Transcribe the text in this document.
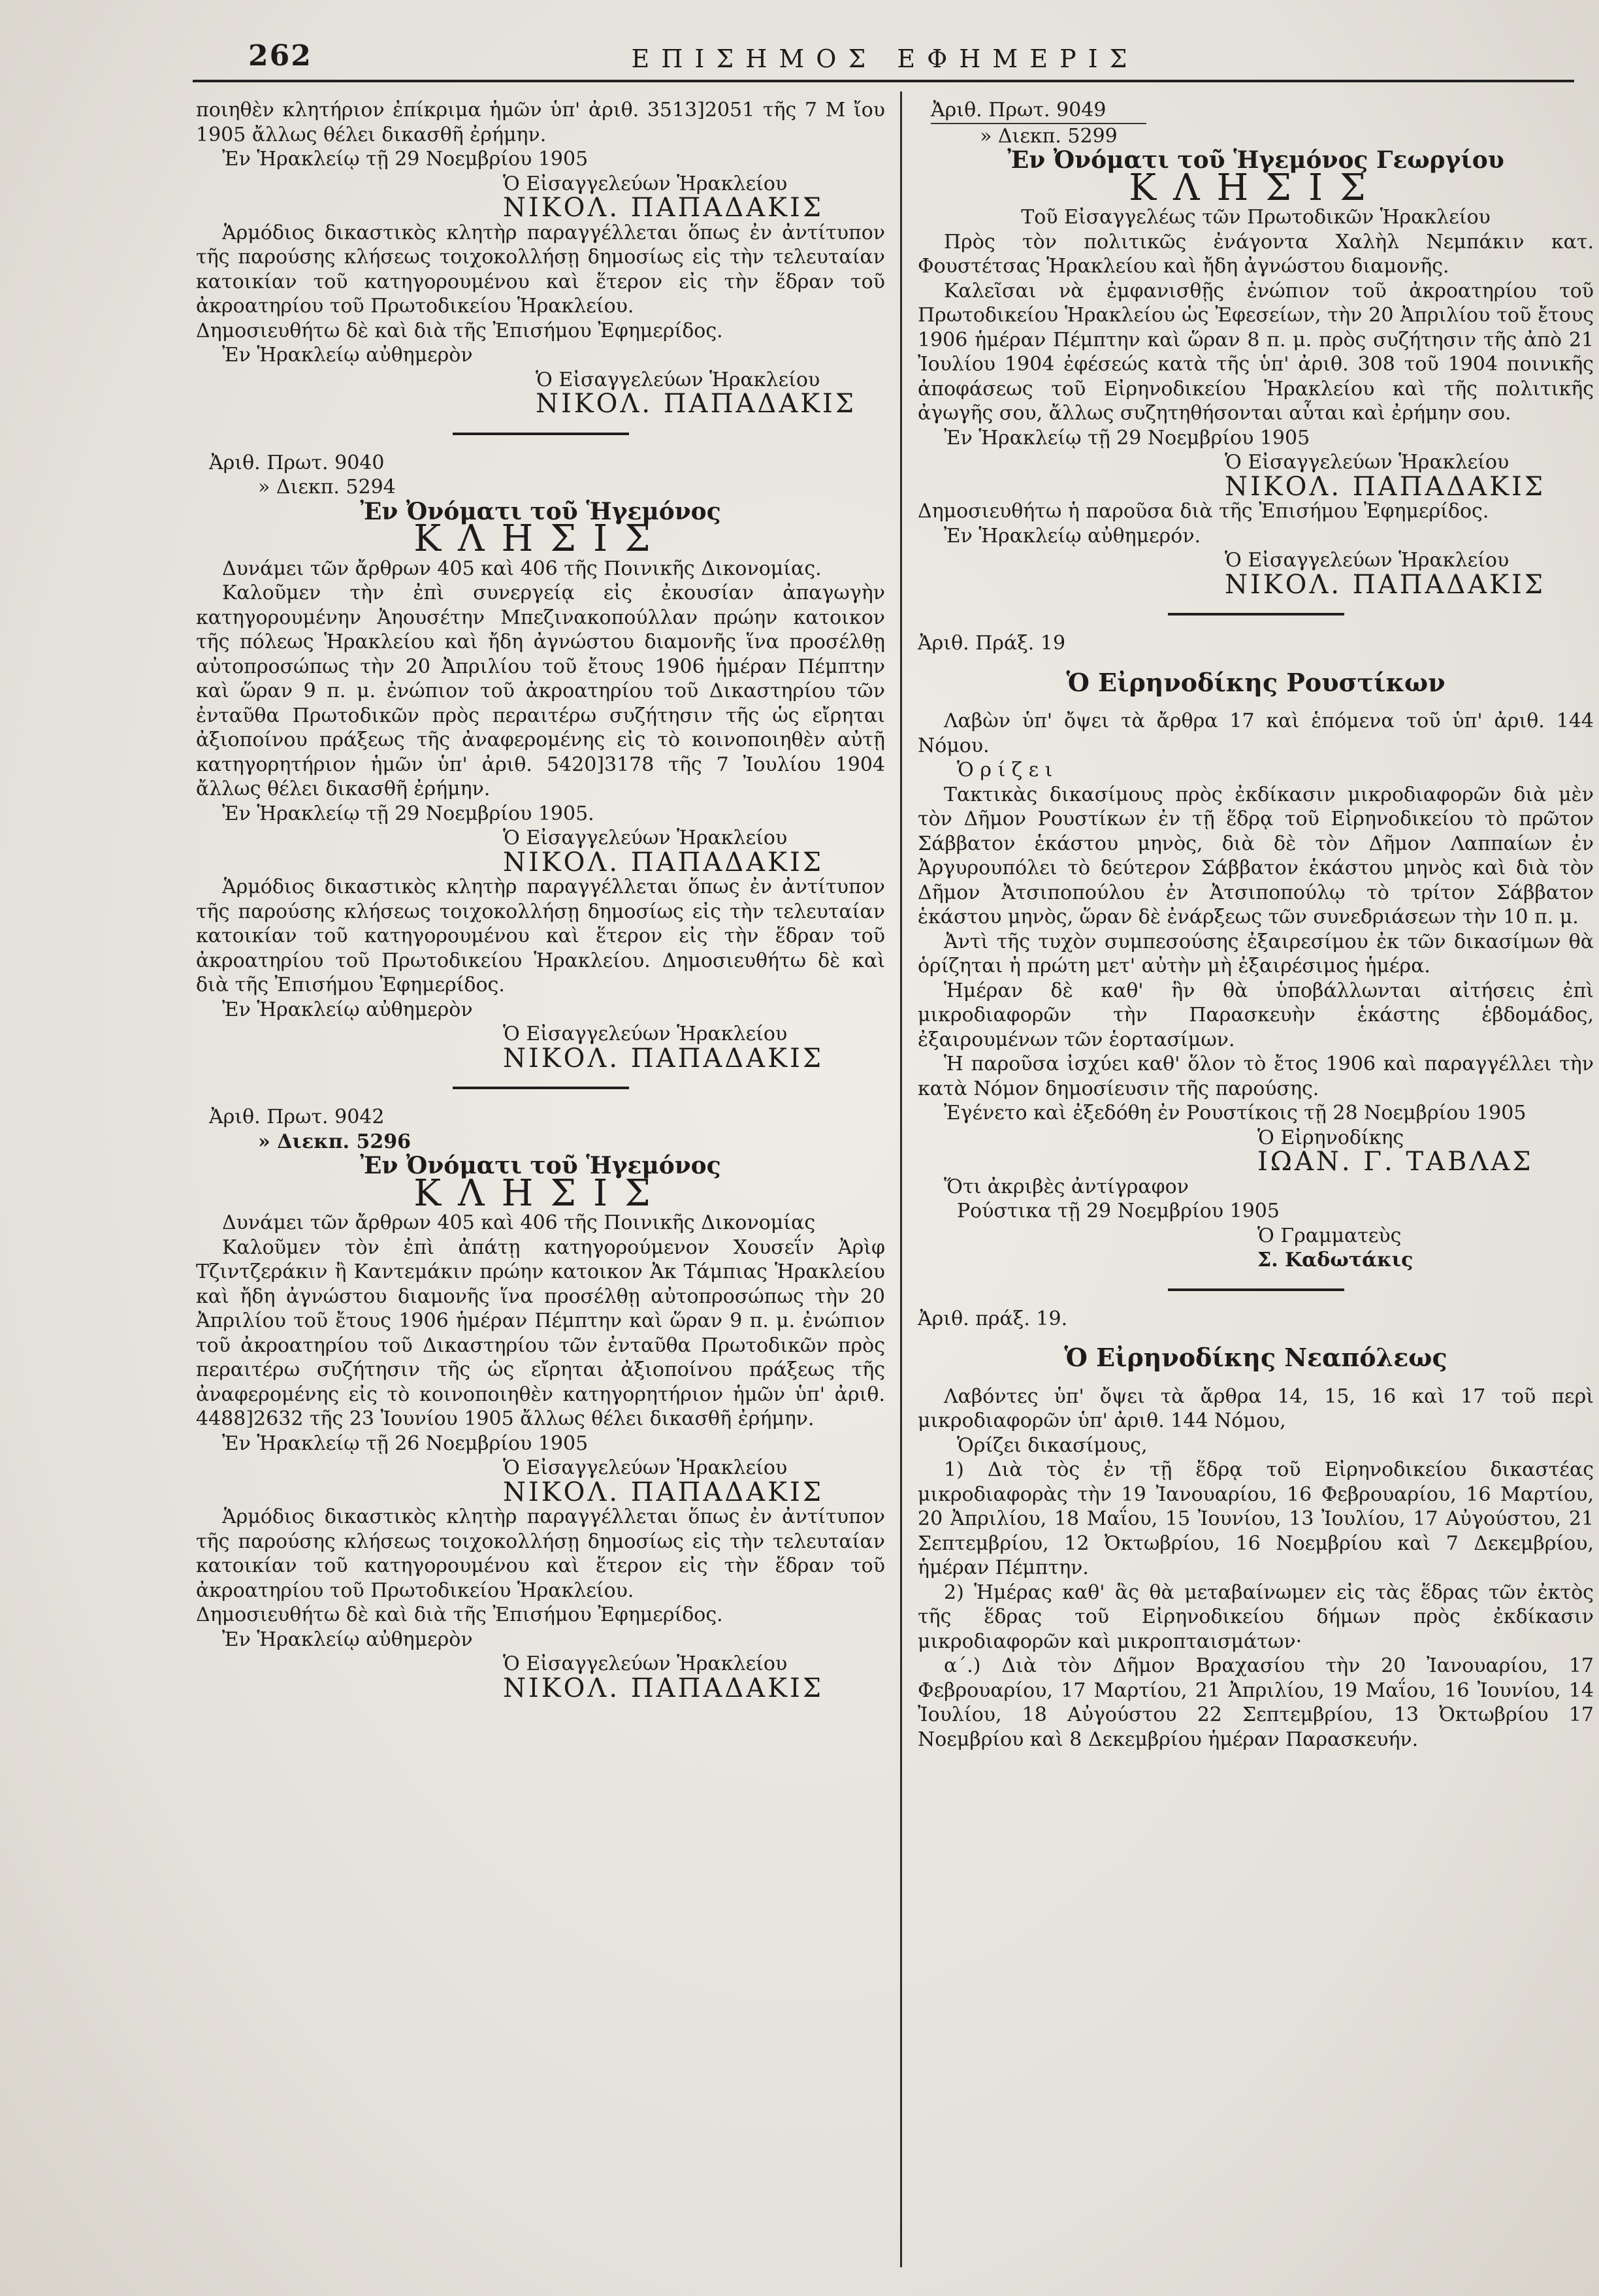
262	ΕΠΙΣΗΜΟΣ ΕΦΗΜΕΡΙΣ

ποιηθὲν κλητήριον ἐπίκριμα ἡμῶν ὑπ' ἀριθ. 3513]2051 τῆς 7 Μ ἴου 1905 ἄλλως θέλει δικασθῆ ἐρήμην.

Ἐν Ἡρακλείῳ τῇ 29 Νοεμβρίου 1905

Ὁ Εἰσαγγελεύων Ἡρακλείου

ΝΙΚΟΛ. ΠΑΠΑΔΑΚΙΣ

Ἁρμόδιος δικαστικὸς κλητὴρ παραγγέλλεται ὅπως ἐν ἀντίτυπον τῆς παρούσης κλήσεως τοιχοκολλήσῃ δημοσίως εἰς τὴν τελευταίαν κατοικίαν τοῦ κατηγορουμένου καὶ ἕτερον εἰς τὴν ἕδραν τοῦ ἀκροατηρίου τοῦ Πρωτοδικείου Ἡρακλείου.

Δημοσιευθήτω δὲ καὶ διὰ τῆς Ἐπισήμου Ἐφημερίδος.

Ἐν Ἡρακλείῳ αὐθημερὸν

Ὁ Εἰσαγγελεύων Ἡρακλείου

ΝΙΚΟΛ. ΠΑΠΑΔΑΚΙΣ

Ἀριθ. Πρωτ. 9040

» Διεκπ. 5294

Ἐν Ὀνόματι τοῦ Ἡγεμόνος

ΚΛΗΣΙΣ

Δυνάμει τῶν ἄρθρων 405 καὶ 406 τῆς Ποινικῆς Δικονομίας.

Καλοῦμεν τὴν ἐπὶ συνεργείᾳ εἰς ἐκουσίαν ἀπαγωγὴν κατηγορουμένην Ἀηουσέτην Μπεζινακοπούλλαν πρώην κατοικον τῆς πόλεως Ἡρακλείου καὶ ἤδη ἀγνώστου διαμονῆς ἵνα προσέλθῃ αὐτοπροσώπως τὴν 20 Ἀπριλίου τοῦ ἔτους 1906 ἡμέραν Πέμπτην καὶ ὥραν 9 π. μ. ἐνώπιον τοῦ ἀκροατηρίου τοῦ Δικαστηρίου τῶν ἐνταῦθα Πρωτοδικῶν πρὸς περαιτέρω συζήτησιν τῆς ὡς εἴρηται ἀξιοποίνου πράξεως τῆς ἀναφερομένης εἰς τὸ κοινοποιηθὲν αὐτῇ κατηγορητήριον ἡμῶν ὑπ' ἀριθ. 5420]3178 τῆς 7 Ἰουλίου 1904 ἄλλως θέλει δικασθῆ ἐρήμην.

Ἐν Ἡρακλείῳ τῇ 29 Νοεμβρίου 1905.

Ὁ Εἰσαγγελεύων Ἡρακλείου

ΝΙΚΟΛ. ΠΑΠΑΔΑΚΙΣ

Ἁρμόδιος δικαστικὸς κλητὴρ παραγγέλλεται ὅπως ἐν ἀντίτυπον τῆς παρούσης κλήσεως τοιχοκολλήσῃ δημοσίως εἰς τὴν τελευταίαν κατοικίαν τοῦ κατηγορουμένου καὶ ἕτερον εἰς τὴν ἕδραν τοῦ ἀκροατηρίου τοῦ Πρωτοδικείου Ἡρακλείου. Δημοσιευθήτω δὲ καὶ διὰ τῆς Ἐπισήμου Ἐφημερίδος.

Ἐν Ἡρακλείῳ αὐθημερὸν

Ὁ Εἰσαγγελεύων Ἡρακλείου

ΝΙΚΟΛ. ΠΑΠΑΔΑΚΙΣ

Ἀριθ. Πρωτ. 9042

» Διεκπ. 5296

Ἐν Ὀνόματι τοῦ Ἡγεμόνος

ΚΛΗΣΙΣ

Δυνάμει τῶν ἄρθρων 405 καὶ 406 τῆς Ποινικῆς Δικονομίας

Καλοῦμεν τὸν ἐπὶ ἀπάτῃ κατηγορούμενον Χουσεΐν Ἀρὶφ Τζιντζεράκιν ἢ Καντεμάκιν πρώην κατοικον Ἀκ Τάμπιας Ἡρακλείου καὶ ἤδη ἀγνώστου διαμονῆς ἵνα προσέλθῃ αὐτοπροσώπως τὴν 20 Ἀπριλίου τοῦ ἔτους 1906 ἡμέραν Πέμπτην καὶ ὥραν 9 π. μ. ἐνώπιον τοῦ ἀκροατηρίου τοῦ Δικαστηρίου τῶν ἐνταῦθα Πρωτοδικῶν πρὸς περαιτέρω συζήτησιν τῆς ὡς εἴρηται ἀξιοποίνου πράξεως τῆς ἀναφερομένης εἰς τὸ κοινοποιηθὲν κατηγορητήριον ἡμῶν ὑπ' ἀριθ. 4488]2632 τῆς 23 Ἰουνίου 1905 ἄλλως θέλει δικασθῆ ἐρήμην.

Ἐν Ἡρακλείῳ τῇ 26 Νοεμβρίου 1905

Ὁ Εἰσαγγελεύων Ἡρακλείου

ΝΙΚΟΛ. ΠΑΠΑΔΑΚΙΣ

Ἁρμόδιος δικαστικὸς κλητὴρ παραγγέλλεται ὅπως ἐν ἀντίτυπον τῆς παρούσης κλήσεως τοιχοκολλήσῃ δημοσίως εἰς τὴν τελευταίαν κατοικίαν τοῦ κατηγορουμένου καὶ ἕτερον εἰς τὴν ἕδραν τοῦ ἀκροατηρίου τοῦ Πρωτοδικείου Ἡρακλείου.

Δημοσιευθήτω δὲ καὶ διὰ τῆς Ἐπισήμου Ἐφημερίδος.

Ἐν Ἡρακλείῳ αὐθημερὸν

Ὁ Εἰσαγγελεύων Ἡρακλείου

ΝΙΚΟΛ. ΠΑΠΑΔΑΚΙΣ

Ἀριθ. Πρωτ. 9049

» Διεκπ. 5299

Ἐν Ὀνόματι τοῦ Ἡγεμόνος Γεωργίου

ΚΛΗΣΙΣ

Τοῦ Εἰσαγγελέως τῶν Πρωτοδικῶν Ἡρακλείου

Πρὸς τὸν πολιτικῶς ἐνάγοντα Χαλὴλ Νεμπάκιν κατ. Φουστέτσας Ἡρακλείου καὶ ἤδη ἀγνώστου διαμονῆς.

Καλεῖσαι νὰ ἐμφανισθῇς ἐνώπιον τοῦ ἀκροατηρίου τοῦ Πρωτοδικείου Ἡρακλείου ὡς Ἐφεσείων, τὴν 20 Ἀπριλίου τοῦ ἔτους 1906 ἡμέραν Πέμπτην καὶ ὥραν 8 π. μ. πρὸς συζήτησιν τῆς ἀπὸ 21 Ἰουλίου 1904 ἐφέσεώς κατὰ τῆς ὑπ' ἀριθ. 308 τοῦ 1904 ποινικῆς ἀποφάσεως τοῦ Εἰρηνοδικείου Ἡρακλείου καὶ τῆς πολιτικῆς ἀγωγῆς σου, ἄλλως συζητηθήσονται αὗται καὶ ἐρήμην σου.

Ἐν Ἡρακλείῳ τῇ 29 Νοεμβρίου 1905

Ὁ Εἰσαγγελεύων Ἡρακλείου

ΝΙΚΟΛ. ΠΑΠΑΔΑΚΙΣ

Δημοσιευθήτω ἡ παροῦσα διὰ τῆς Ἐπισήμου Ἐφημερίδος.

Ἐν Ἡρακλείῳ αὐθημερόν.

Ὁ Εἰσαγγελεύων Ἡρακλείου

ΝΙΚΟΛ. ΠΑΠΑΔΑΚΙΣ

Ἀριθ. Πράξ. 19

Ὁ Εἰρηνοδίκης Ρουστίκων

Λαβὼν ὑπ' ὄψει τὰ ἄρθρα 17 καὶ ἑπόμενα τοῦ ὑπ' ἀριθ. 144 Νόμου.

Ὁ ρ ί ζ ε ι

Τακτικὰς δικασίμους πρὸς ἐκδίκασιν μικροδιαφορῶν διὰ μὲν τὸν Δῆμον Ρουστίκων ἐν τῇ ἕδρᾳ τοῦ Εἰρηνοδικείου τὸ πρῶτον Σάββατον ἑκάστου μηνὸς, διὰ δὲ τὸν Δῆμον Λαππαίων ἐν Ἀργυρουπόλει τὸ δεύτερον Σάββατον ἑκάστου μηνὸς καὶ διὰ τὸν Δῆμον Ἀτσιποπούλου ἐν Ἀτσιποπούλῳ τὸ τρίτον Σάββατον ἑκάστου μηνὸς, ὥραν δὲ ἐνάρξεως τῶν συνεδριάσεων τὴν 10 π. μ.

Ἀντὶ τῆς τυχὸν συμπεσούσης ἐξαιρεσίμου ἐκ τῶν δικασίμων θὰ ὁρίζηται ἡ πρώτη μετ' αὐτὴν μὴ ἐξαιρέσιμος ἡμέρα.

Ἡμέραν δὲ καθ' ἣν θὰ ὑποβάλλωνται αἰτήσεις ἐπὶ μικροδιαφορῶν τὴν Παρασκευὴν ἑκάστης ἑβδομάδος, ἐξαιρουμένων τῶν ἑορτασίμων.

Ἡ παροῦσα ἰσχύει καθ' ὅλον τὸ ἔτος 1906 καὶ παραγγέλλει τὴν κατὰ Νόμον δημοσίευσιν τῆς παρούσης.

Ἐγένετο καὶ ἐξεδόθη ἐν Ρουστίκοις τῇ 28 Νοεμβρίου 1905

Ὁ Εἰρηνοδίκης

ΙΩΑΝ. Γ. ΤΑΒΛΑΣ

Ὅτι ἀκριβὲς ἀντίγραφον

Ρούστικα τῇ 29 Νοεμβρίου 1905

Ὁ Γραμματεὺς

Σ. Καδωτάκις

Ἀριθ. πράξ. 19.

Ὁ Εἰρηνοδίκης Νεαπόλεως

Λαβόντες ὑπ' ὄψει τὰ ἄρθρα 14, 15, 16 καὶ 17 τοῦ περὶ μικροδιαφορῶν ὑπ' ἀριθ. 144 Νόμου,

Ὁρίζει δικασίμους,

1) Διὰ τὸς ἐν τῇ ἕδρᾳ τοῦ Εἰρηνοδικείου δικαστέας μικροδιαφορὰς τὴν 19 Ἰανουαρίου, 16 Φεβρουαρίου, 16 Μαρτίου, 20 Ἀπριλίου, 18 Μαΐου, 15 Ἰουνίου, 13 Ἰουλίου, 17 Αὐγούστου, 21 Σεπτεμβρίου, 12 Ὀκτωβρίου, 16 Νοεμβρίου καὶ 7 Δεκεμβρίου, ἡμέραν Πέμπτην.

2) Ἡμέρας καθ' ἃς θὰ μεταβαίνωμεν εἰς τὰς ἕδρας τῶν ἐκτὸς τῆς ἕδρας τοῦ Εἰρηνοδικείου δήμων πρὸς ἐκδίκασιν μικροδιαφορῶν καὶ μικροπταισμάτων·

α΄.) Διὰ τὸν Δῆμον Βραχασίου τὴν 20 Ἰανουαρίου, 17 Φεβρουαρίου, 17 Μαρτίου, 21 Ἀπριλίου, 19 Μαΐου, 16 Ἰουνίου, 14 Ἰουλίου, 18 Αὐγούστου 22 Σεπτεμβρίου, 13 Ὀκτωβρίου 17 Νοεμβρίου καὶ 8 Δεκεμβρίου ἡμέραν Παρασκευήν.
